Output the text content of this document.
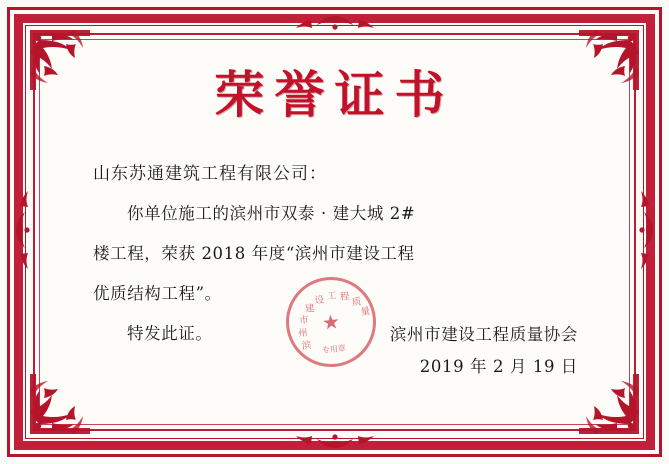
荣誉证书
山东苏通建筑工程有限公司：
你单位施工的滨州市双泰 · 建大城 2#
楼工程，荣获 2018 年度“滨州市建设工程
优质结构工程”。
特发此证。	滨州市建设工程质量协会
2019 年 2 月 19 日
滨
州
市
建
设 工 程 质
量
★
专用章
